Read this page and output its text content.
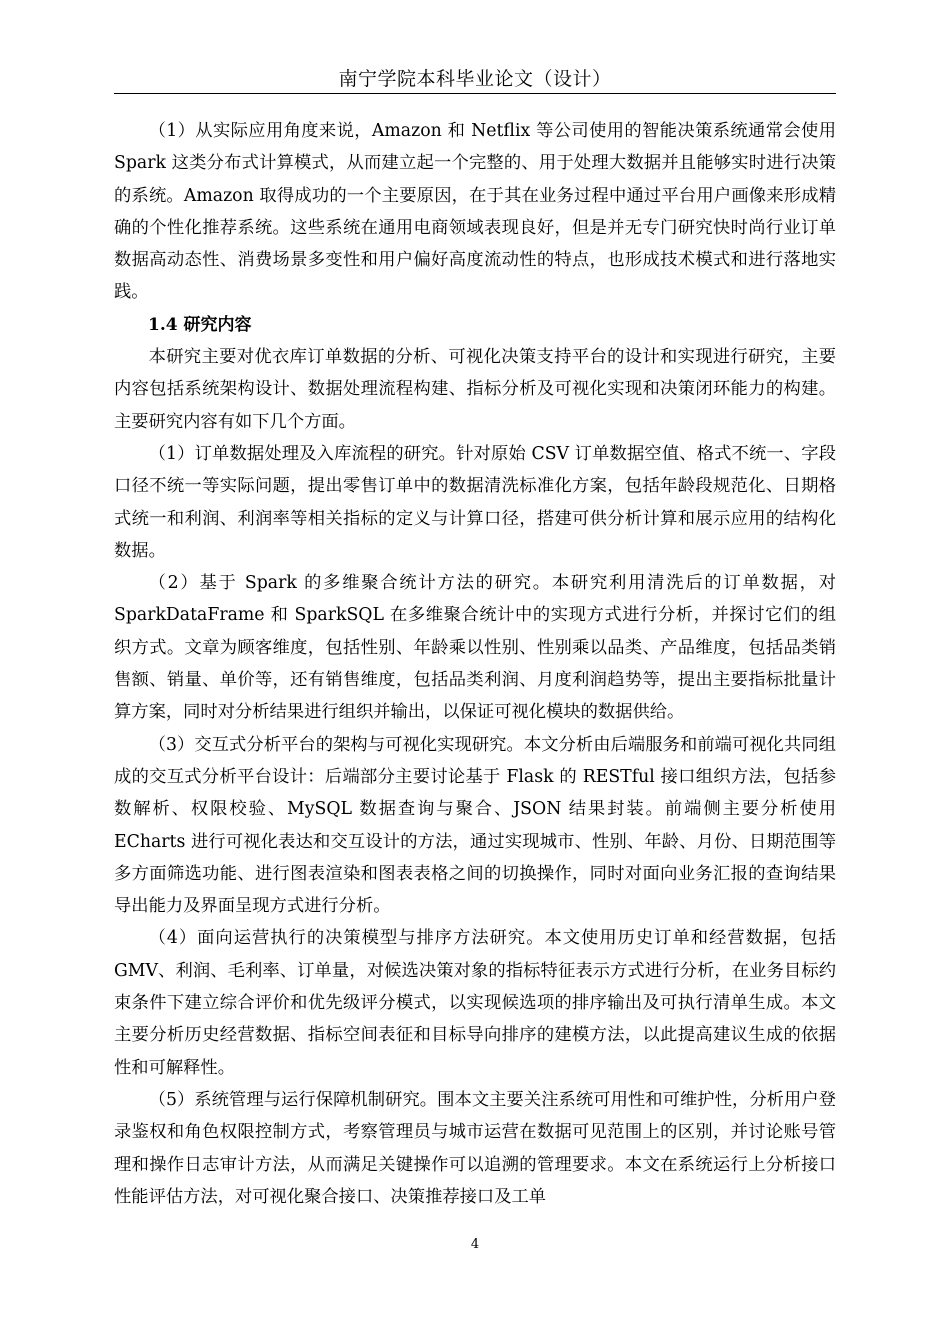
南宁学院本科毕业论文（设计）

（1）从实际应用角度来说，Amazon 和 Netflix 等公司使用的智能决策系统通常会使用 Spark 这类分布式计算模式，从而建立起一个完整的、用于处理大数据并且能够实时进行决策的系统。Amazon 取得成功的一个主要原因，在于其在业务过程中通过平台用户画像来形成精确的个性化推荐系统。这些系统在通用电商领域表现良好，但是并无专门研究快时尚行业订单数据高动态性、消费场景多变性和用户偏好高度流动性的特点，也形成技术模式和进行落地实践。

1.4 研究内容

本研究主要对优衣库订单数据的分析、可视化决策支持平台的设计和实现进行研究，主要内容包括系统架构设计、数据处理流程构建、指标分析及可视化实现和决策闭环能力的构建。主要研究内容有如下几个方面。

（1）订单数据处理及入库流程的研究。针对原始 CSV 订单数据空值、格式不统一、字段口径不统一等实际问题，提出零售订单中的数据清洗标准化方案，包括年龄段规范化、日期格式统一和利润、利润率等相关指标的定义与计算口径，搭建可供分析计算和展示应用的结构化数据。

（2）基于 Spark 的多维聚合统计方法的研究。本研究利用清洗后的订单数据，对 SparkDataFrame 和 SparkSQL 在多维聚合统计中的实现方式进行分析，并探讨它们的组织方式。文章为顾客维度，包括性别、年龄乘以性别、性别乘以品类、产品维度，包括品类销售额、销量、单价等，还有销售维度，包括品类利润、月度利润趋势等，提出主要指标批量计算方案，同时对分析结果进行组织并输出，以保证可视化模块的数据供给。

（3）交互式分析平台的架构与可视化实现研究。本文分析由后端服务和前端可视化共同组成的交互式分析平台设计：后端部分主要讨论基于 Flask 的 RESTful 接口组织方法，包括参数解析、权限校验、MySQL 数据查询与聚合、JSON 结果封装。前端侧主要分析使用 ECharts 进行可视化表达和交互设计的方法，通过实现城市、性别、年龄、月份、日期范围等多方面筛选功能、进行图表渲染和图表表格之间的切换操作，同时对面向业务汇报的查询结果导出能力及界面呈现方式进行分析。

（4）面向运营执行的决策模型与排序方法研究。本文使用历史订单和经营数据，包括 GMV、利润、毛利率、订单量，对候选决策对象的指标特征表示方式进行分析，在业务目标约束条件下建立综合评价和优先级评分模式，以实现候选项的排序输出及可执行清单生成。本文主要分析历史经营数据、指标空间表征和目标导向排序的建模方法，以此提高建议生成的依据性和可解释性。

（5）系统管理与运行保障机制研究。围本文主要关注系统可用性和可维护性，分析用户登录鉴权和角色权限控制方式，考察管理员与城市运营在数据可见范围上的区别，并讨论账号管理和操作日志审计方法，从而满足关键操作可以追溯的管理要求。本文在系统运行上分析接口性能评估方法，对可视化聚合接口、决策推荐接口及工单

4
